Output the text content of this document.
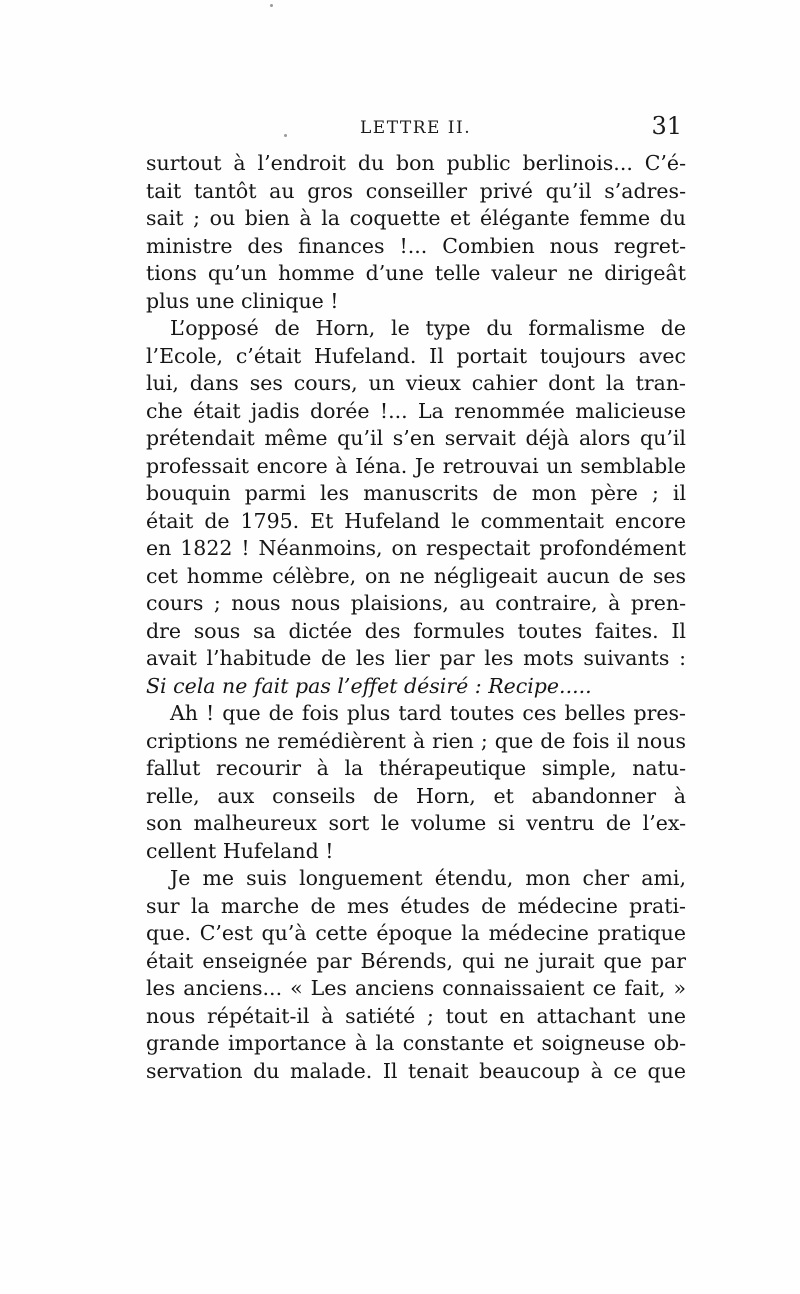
LETTRE II.	31
surtout à l’endroit du bon public berlinois... C’é-
tait tantôt au gros conseiller privé qu’il s’adres-
sait ; ou bien à la coquette et élégante femme du
ministre des finances !... Combien nous regret-
tions qu’un homme d’une telle valeur ne dirigeât
plus une clinique !
L’opposé de Horn, le type du formalisme de
l’Ecole, c’était Hufeland. Il portait toujours avec
lui, dans ses cours, un vieux cahier dont la tran-
che était jadis dorée !... La renommée malicieuse
prétendait même qu’il s’en servait déjà alors qu’il
professait encore à Iéna. Je retrouvai un semblable
bouquin parmi les manuscrits de mon père ; il
était de 1795. Et Hufeland le commentait encore
en 1822 ! Néanmoins, on respectait profondément
cet homme célèbre, on ne négligeait aucun de ses
cours ; nous nous plaisions, au contraire, à pren-
dre sous sa dictée des formules toutes faites. Il
avait l’habitude de les lier par les mots suivants :
Si cela ne fait pas l’effet désiré : Recipe.....
Ah ! que de fois plus tard toutes ces belles pres-
criptions ne remédièrent à rien ; que de fois il nous
fallut recourir à la thérapeutique simple, natu-
relle, aux conseils de Horn, et abandonner à
son malheureux sort le volume si ventru de l’ex-
cellent Hufeland !
Je me suis longuement étendu, mon cher ami,
sur la marche de mes études de médecine prati-
que. C’est qu’à cette époque la médecine pratique
était enseignée par Bérends, qui ne jurait que par
les anciens... « Les anciens connaissaient ce fait, »
nous répétait-il à satiété ; tout en attachant une
grande importance à la constante et soigneuse ob-
servation du malade. Il tenait beaucoup à ce que
